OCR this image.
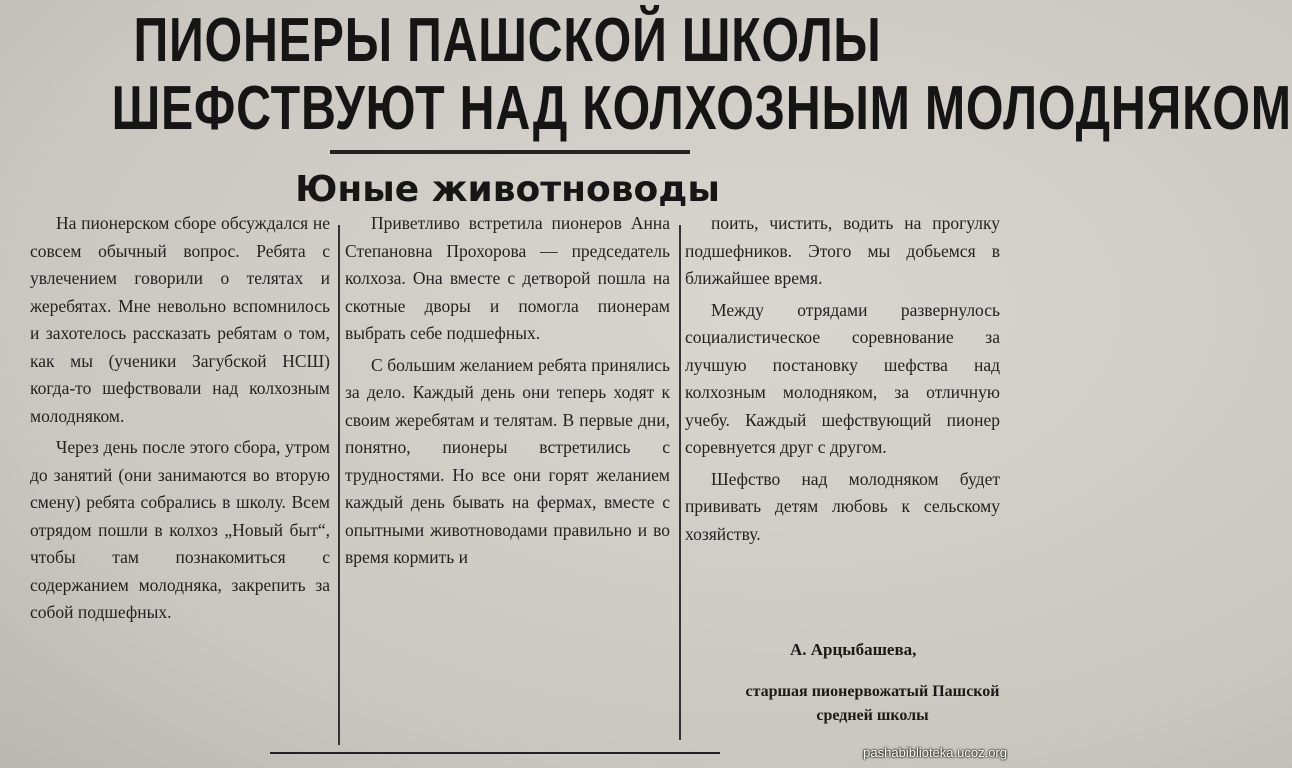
ПИОНЕРЫ ПАШСКОЙ ШКОЛЫ
ШЕФСТВУЮТ НАД КОЛХОЗНЫМ МОЛОДНЯКОМ
Юные животноводы

На пионерском сборе обсуждался не совсем обычный вопрос. Ребята с увлечением говорили о телятах и жеребятах. Мне невольно вспомнилось и захотелось рассказать ребятам о том, как мы (ученики Загубской НСШ) когда-то шефствовали над колхозным молодняком.

Через день после этого сбора, утром до занятий (они занимаются во вторую смену) ребята собрались в школу. Всем отрядом пошли в колхоз „Новый быт“, чтобы там познакомиться с содержанием молодняка, закрепить за собой подшефных.

Приветливо встретила пионеров Анна Степановна Прохорова — председатель колхоза. Она вместе с детворой пошла на скотные дворы и помогла пионерам выбрать себе подшефных.

С большим желанием ребята принялись за дело. Каждый день они теперь ходят к своим жеребятам и телятам. В первые дни, понятно, пионеры встретились с трудностями. Но все они горят желанием каждый день бывать на фермах, вместе с опытными животноводами правильно и во время кормить и

поить, чистить, водить на прогулку подшефников. Этого мы добьемся в ближайшее время.

Между отрядами развернулось социалистическое соревнование за лучшую постановку шефства над колхозным молодняком, за отличную учебу. Каждый шефствующий пионер соревнуется друг с другом.

Шефство над молодняком будет прививать детям любовь к сельскому хозяйству.

А. Арцыбашева,
старшая пионервожатый Пашской средней школы
pashabiblioteka.ucoz.org
